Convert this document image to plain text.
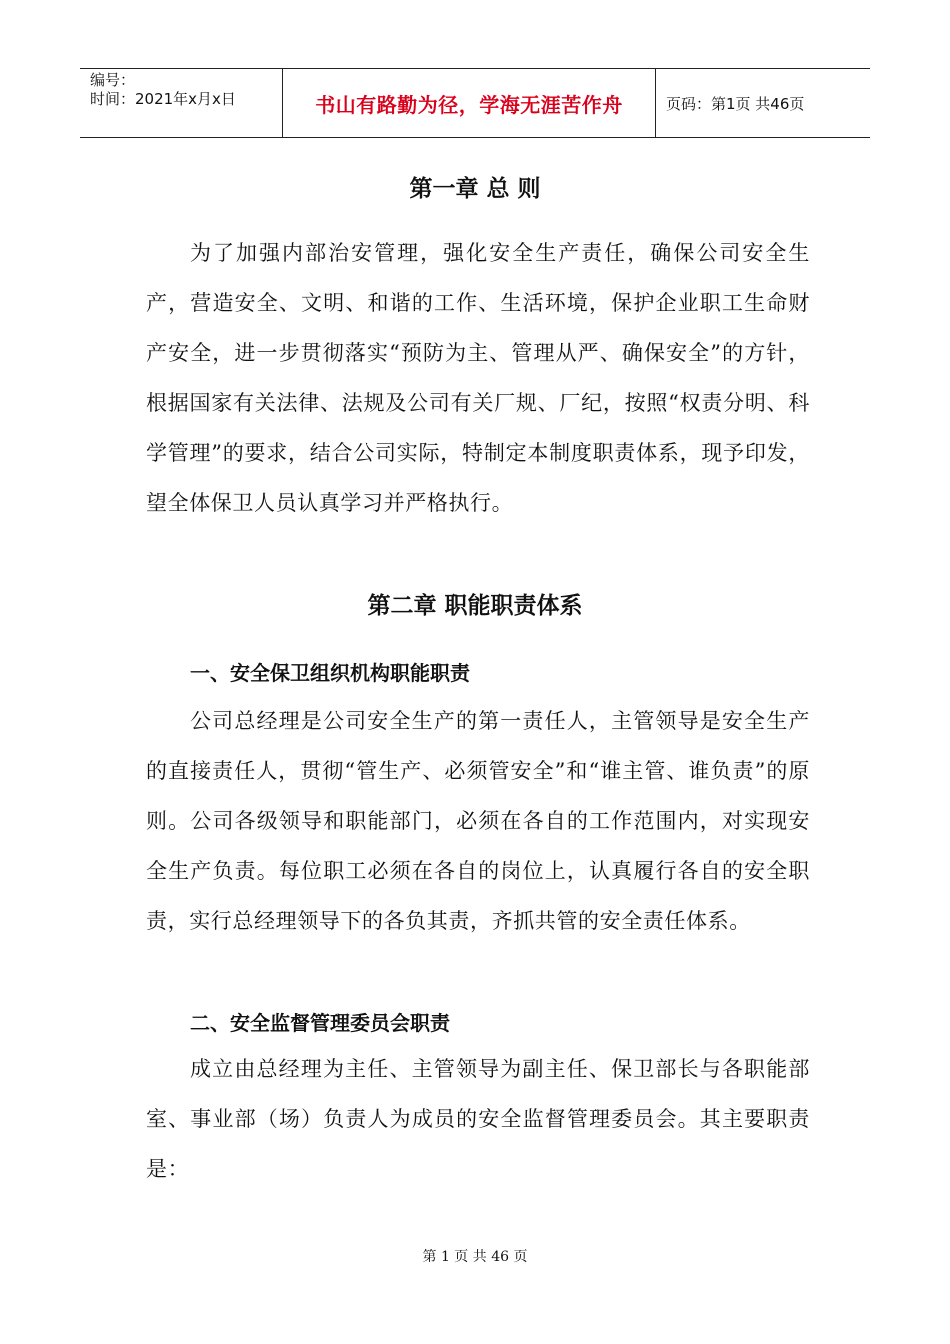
编号：
时间：2021年x月x日	书山有路勤为径，学海无涯苦作舟	页码：第1页 共46页
第一章 总 则

为了加强内部治安管理，强化安全生产责任，确保公司安全生产，营造安全、文明、和谐的工作、生活环境，保护企业职工生命财产安全，进一步贯彻落实“预防为主、管理从严、确保安全”的方针，根据国家有关法律、法规及公司有关厂规、厂纪，按照“权责分明、科学管理”的要求，结合公司实际，特制定本制度职责体系，现予印发，望全体保卫人员认真学习并严格执行。

第二章 职能职责体系
一、安全保卫组织机构职能职责

公司总经理是公司安全生产的第一责任人，主管领导是安全生产的直接责任人，贯彻“管生产、必须管安全”和“谁主管、谁负责”的原则。公司各级领导和职能部门，必须在各自的工作范围内，对实现安全生产负责。每位职工必须在各自的岗位上，认真履行各自的安全职责，实行总经理领导下的各负其责，齐抓共管的安全责任体系。

二、安全监督管理委员会职责

成立由总经理为主任、主管领导为副主任、保卫部长与各职能部室、事业部（场）负责人为成员的安全监督管理委员会。其主要职责是：

第 1 页 共 46 页
